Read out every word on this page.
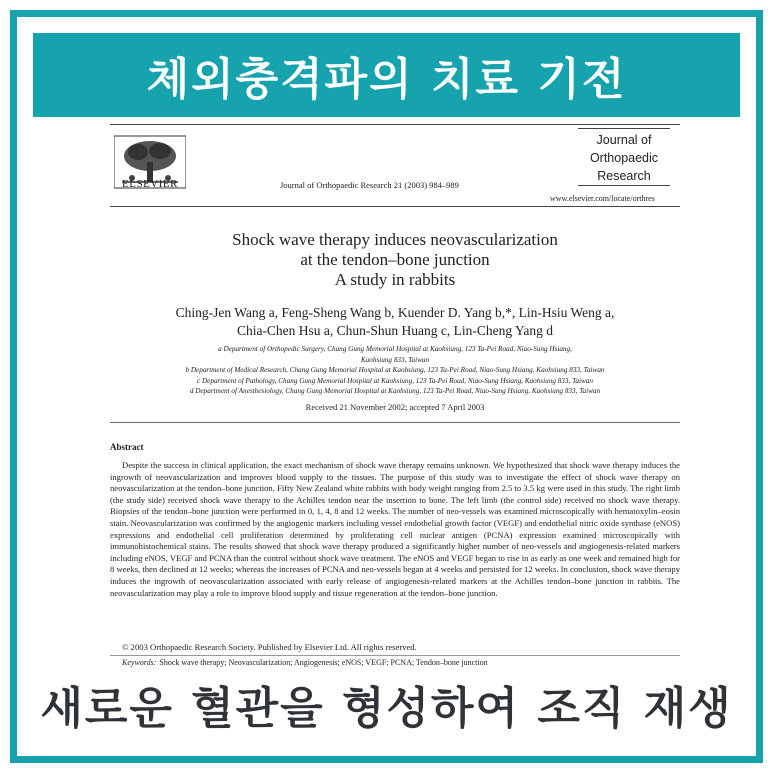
체외충격파의 치료 기전
ELSEVIER	Journal of Orthopaedic Research 21 (2003) 984–989
Journal of
Orthopaedic
Research
www.elsevier.com/locate/orthres
Shock wave therapy induces neovascularization
at the tendon–bone junction
A study in rabbits
Ching-Jen Wang a, Feng-Sheng Wang b, Kuender D. Yang b,*, Lin-Hsiu Weng a,
Chia-Chen Hsu a, Chun-Shun Huang c, Lin-Cheng Yang d
a Department of Orthopedic Surgery, Chang Gung Memorial Hospital at Kaohsiung, 123 Ta-Pei Road, Niao-Sung Hsiang,
Kaohsiung 833, Taiwan
b Department of Medical Research, Chang Gung Memorial Hospital at Kaohsiung, 123 Ta-Pei Road, Niao-Sung Hsiang, Kaohsiung 833, Taiwan
c Department of Pathology, Chang Gung Memorial Hospital at Kaohsiung, 123 Ta-Pei Road, Niao-Sung Hsiang, Kaohsiung 833, Taiwan
d Department of Anesthesiology, Chang Gung Memorial Hospital at Kaohsiung, 123 Ta-Pei Road, Niao-Sung Hsiang, Kaohsiung 833, Taiwan
Received 21 November 2002; accepted 7 April 2003
Abstract
Despite the success in clinical application, the exact mechanism of shock wave therapy remains unknown. We hypothesized that shock wave therapy induces the ingrowth of neovascularization and improves blood supply to the tissues. The purpose of this study was to investigate the effect of shock wave therapy on neovascularization at the tendon–bone junction. Fifty New Zealand white rabbits with body weight ranging from 2.5 to 3.5 kg were used in this study. The right limb (the study side) received shock wave therapy to the Achilles tendon near the insertion to bone. The left limb (the control side) received no shock wave therapy. Biopsies of the tendon–bone junction were performed in 0, 1, 4, 8 and 12 weeks. The number of neo-vessels was examined microscopically with hematoxylin–eosin stain. Neovascularization was confirmed by the angiogenic markers including vessel endothelial growth factor (VEGF) and endothelial nitric oxide synthase (eNOS) expressions and endothelial cell proliferation determined by proliferating cell nuclear antigen (PCNA) expression examined microscopically with immunohistochemical stains. The results showed that shock wave therapy produced a significantly higher number of neo-vessels and angiogenesis-related markers including eNOS, VEGF and PCNA than the control without shock wave treatment. The eNOS and VEGF began to rise in as early as one week and remained high for 8 weeks, then declined at 12 weeks; whereas the increases of PCNA and neo-vessels began at 4 weeks and persisted for 12 weeks. In conclusion, shock wave therapy induces the ingrowth of neovascularization associated with early release of angiogenesis-related markers at the Achilles tendon–bone junction in rabbits. The neovascularization may play a role to improve blood supply and tissue regeneration at the tendon–bone junction.
© 2003 Orthopaedic Research Society. Published by Elsevier Ltd. All rights reserved.
Keywords: Shock wave therapy; Neovascularization; Angiogenesis; eNOS; VEGF; PCNA; Tendon–bone junction
새로운 혈관을 형성하여 조직 재생
